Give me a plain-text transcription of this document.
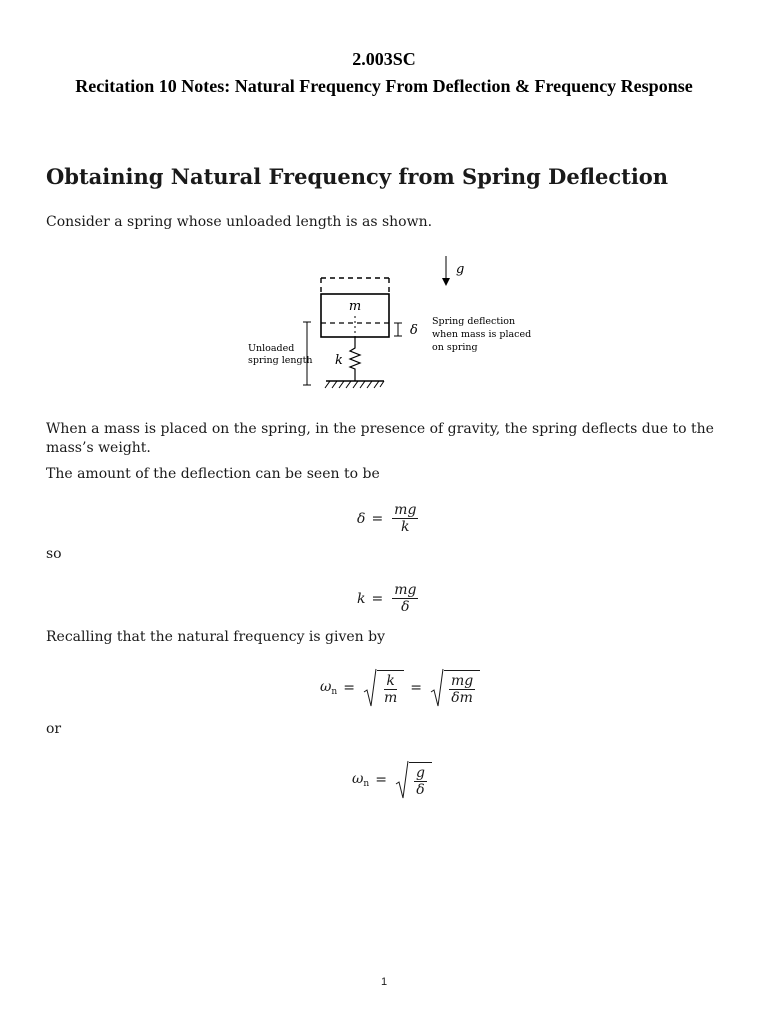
2.003SC
Recitation 10 Notes: Natural Frequency From Deflection & Frequency Response
Obtaining Natural Frequency from Spring Deflection
Consider a spring whose unloaded length is as shown.
g
m
δ
k
Unloaded
spring length
Spring deflection
when mass is placed
on spring
When a mass is placed on the spring, in the presence of gravity, the spring deflects due to the mass’s weight.
The amount of the deflection can be seen to be
$\delta = \frac{mg}{k}$
so
$k = \frac{mg}{\delta}$
Recalling that the natural frequency is given by
$\omega_n = \frac{k}{m} = \frac{mg}{\delta m}$
or
$\omega_n = \frac{g}{\delta}$
1
